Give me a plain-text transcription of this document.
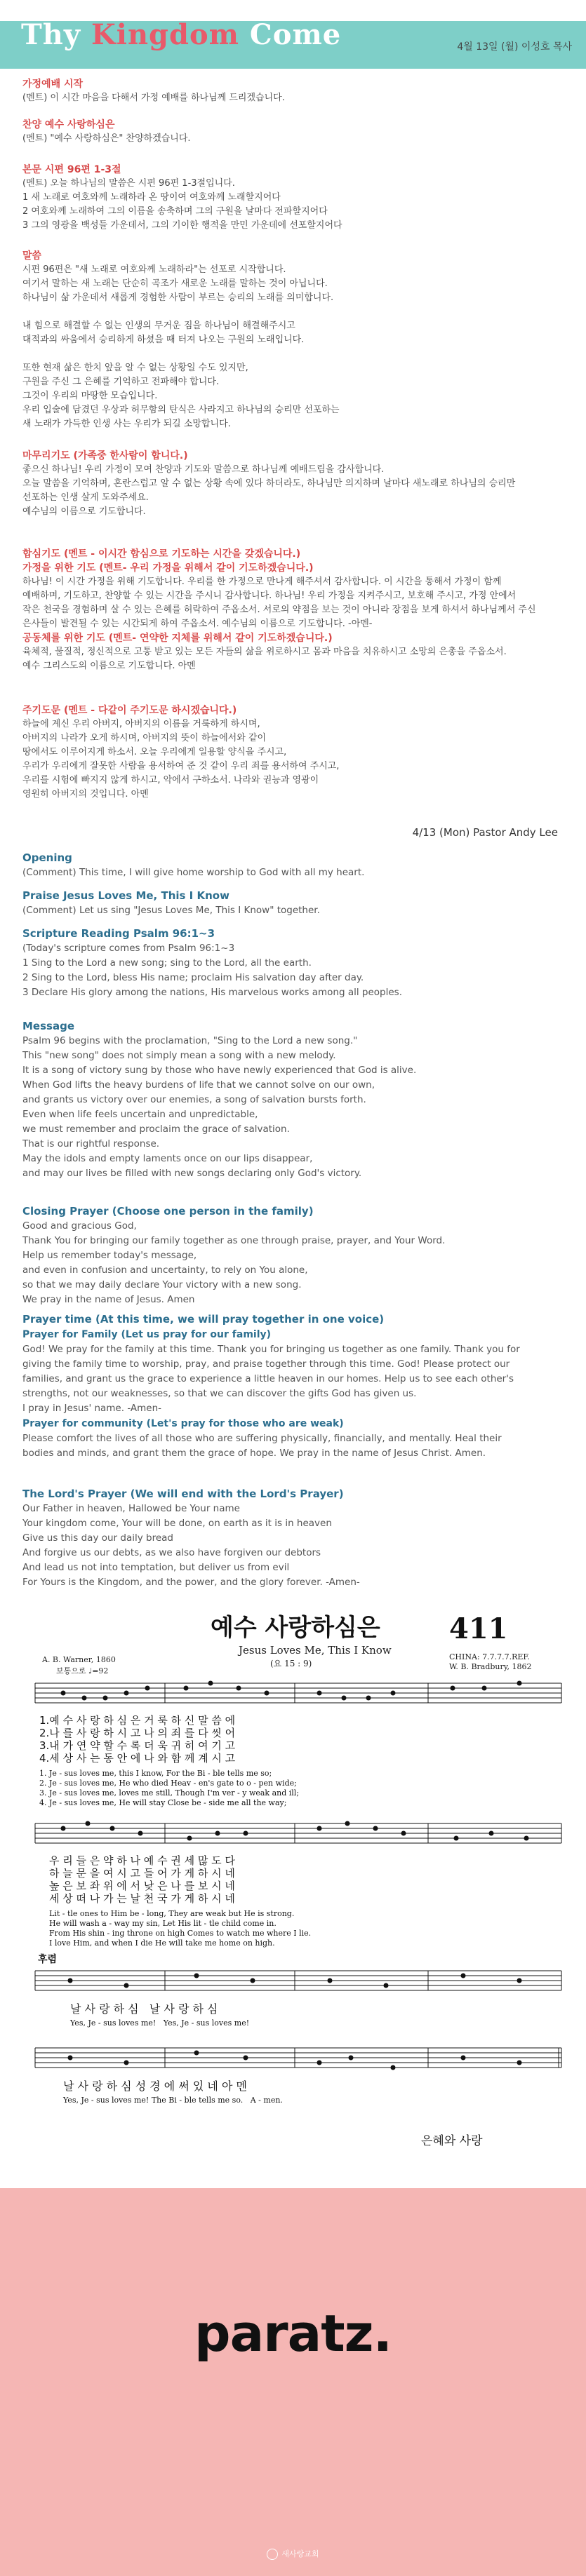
Thy Kingdom Come	4월 13일 (월) 이성호 목사
가정예배 시작
(멘트) 이 시간 마음을 다해서 가정 예배를 하나님께 드리겠습니다.
찬양 예수 사랑하심은
(멘트) "예수 사랑하심은" 찬양하겠습니다.
본문 시편 96편 1-3절
(멘트) 오늘 하나님의 말씀은 시편 96편 1-3절입니다.
1 새 노래로 여호와께 노래하라 온 땅이여 여호와께 노래할지어다
2 여호와께 노래하여 그의 이름을 송축하며 그의 구원을 날마다 전파할지어다
3 그의 영광을 백성들 가운데서, 그의 기이한 행적을 만민 가운데에 선포할지어다
말씀
시편 96편은 "새 노래로 여호와께 노래하라"는 선포로 시작합니다.
여기서 말하는 새 노래는 단순히 곡조가 새로운 노래를 말하는 것이 아닙니다.
하나님이 삶 가운데서 새롭게 경험한 사람이 부르는 승리의 노래를 의미합니다.

내 힘으로 해결할 수 없는 인생의 무거운 짐을 하나님이 해결해주시고
대적과의 싸움에서 승리하게 하셨을 때 터져 나오는 구원의 노래입니다.

또한 현재 삶은 한치 앞을 알 수 없는 상황일 수도 있지만,
구원을 주신 그 은혜를 기억하고 전파해야 합니다.
그것이 우리의 마땅한 모습입니다.
우리 입술에 담겼던 우상과 허무함의 탄식은 사라지고 하나님의 승리만 선포하는
새 노래가 가득한 인생 사는 우리가 되길 소망합니다.
마무리기도 (가족중 한사람이 합니다.)
좋으신 하나님! 우리 가정이 모여 찬양과 기도와 말씀으로 하나님께 예배드림을 감사합니다.
오늘 말씀을 기억하며, 혼란스럽고 알 수 없는 상황 속에 있다 하더라도, 하나님만 의지하며 날마다 새노래로 하나님의 승리만
선포하는 인생 살게 도와주세요.
예수님의 이름으로 기도합니다.
합심기도 (멘트 - 이시간 합심으로 기도하는 시간을 갖겠습니다.)
가정을 위한 기도 (멘트- 우리 가정을 위해서 같이 기도하겠습니다.)
하나님! 이 시간 가정을 위해 기도합니다. 우리를 한 가정으로 만나게 해주셔서 감사합니다. 이 시간을 통해서 가정이 함께
예배하며, 기도하고, 찬양할 수 있는 시간을 주시니 감사합니다. 하나님! 우리 가정을 지켜주시고, 보호해 주시고, 가정 안에서
작은 천국을 경험하며 살 수 있는 은혜를 허락하여 주옵소서. 서로의 약점을 보는 것이 아니라 장점을 보게 하셔서 하나님께서 주신
은사들이 발견될 수 있는 시간되게 하여 주옵소서. 예수님의 이름으로 기도합니다. -아멘-
공동체를 위한 기도 (멘트- 연약한 지체를 위해서 같이 기도하겠습니다.)
육체적, 물질적, 정신적으로 고통 받고 있는 모든 자들의 삶을 위로하시고 몸과 마음을 치유하시고 소망의 은총을 주옵소서.
예수 그리스도의 이름으로 기도합니다. 아멘
주기도문 (멘트 - 다같이 주기도문 하시겠습니다.)
하늘에 계신 우리 아버지, 아버지의 이름을 거룩하게 하시며,
아버지의 나라가 오게 하시며, 아버지의 뜻이 하늘에서와 같이
땅에서도 이루어지게 하소서. 오늘 우리에게 일용할 양식을 주시고,
우리가 우리에게 잘못한 사람을 용서하여 준 것 같이 우리 죄를 용서하여 주시고,
우리를 시험에 빠지지 않게 하시고, 악에서 구하소서. 나라와 권능과 영광이
영원히 아버지의 것입니다. 아멘
4/13 (Mon) Pastor Andy Lee
Opening
(Comment) This time, I will give home worship to God with all my heart.
Praise Jesus Loves Me, This I Know
(Comment) Let us sing "Jesus Loves Me, This I Know" together.
Scripture Reading Psalm 96:1~3
(Today's scripture comes from Psalm 96:1~3
1 Sing to the Lord a new song; sing to the Lord, all the earth.
2 Sing to the Lord, bless His name; proclaim His salvation day after day.
3 Declare His glory among the nations, His marvelous works among all peoples.
Message
Psalm 96 begins with the proclamation, "Sing to the Lord a new song."
This "new song" does not simply mean a song with a new melody.
It is a song of victory sung by those who have newly experienced that God is alive.
When God lifts the heavy burdens of life that we cannot solve on our own,
and grants us victory over our enemies, a song of salvation bursts forth.
Even when life feels uncertain and unpredictable,
we must remember and proclaim the grace of salvation.
That is our rightful response.
May the idols and empty laments once on our lips disappear,
and may our lives be filled with new songs declaring only God's victory.
Closing Prayer (Choose one person in the family)
Good and gracious God,
Thank You for bringing our family together as one through praise, prayer, and Your Word.
Help us remember today's message,
and even in confusion and uncertainty, to rely on You alone,
so that we may daily declare Your victory with a new song.
We pray in the name of Jesus. Amen
Prayer time (At this time, we will pray together in one voice)
Prayer for Family (Let us pray for our family)
God! We pray for the family at this time. Thank you for bringing us together as one family. Thank you for
giving the family time to worship, pray, and praise together through this time. God! Please protect our
families, and grant us the grace to experience a little heaven in our homes. Help us to see each other's
strengths, not our weaknesses, so that we can discover the gifts God has given us.
I pray in Jesus' name. -Amen-
Prayer for community (Let's pray for those who are weak)
Please comfort the lives of all those who are suffering physically, financially, and mentally. Heal their
bodies and minds, and grant them the grace of hope. We pray in the name of Jesus Christ. Amen.
The Lord's Prayer (We will end with the Lord's Prayer)
Our Father in heaven, Hallowed be Your name
Your kingdom come, Your will be done, on earth as it is in heaven
Give us this day our daily bread
And forgive us our debts, as we also have forgiven our debtors
And lead us not into temptation, but deliver us from evil
For Yours is the Kingdom, and the power, and the glory forever. -Amen-
예수 사랑하심은 411
Jesus Loves Me, This I Know
(요 15 : 9)
A. B. Warner, 1860
보통으로 ♩=92
CHINA: 7.7.7.7.REF.
W. B. Bradbury, 1862
1.예 수 사 랑 하 심 은 거 룩 하 신 말 씀 에
2.나 를 사 랑 하 시 고 나 의 죄 를 다 씻 어
3.내 가 연 약 할 수 록 더 욱 귀 히 여 기 고
4.세 상 사 는 동 안 에 나 와 함 께 계 시 고
1. Je - sus loves me, this I know, For the Bi - ble tells me so;
2. Je - sus loves me, He who died Heav - en's gate to o - pen wide;
3. Je - sus loves me, loves me still, Though I'm ver - y weak and ill;
4. Je - sus loves me, He will stay Close be - side me all the way;
우 리 들 은 약 하 나 예 수 권 세 많 도 다
하 늘 문 을 여 시 고 들 어 가 게 하 시 네
높 은 보 좌 위 에 서 낮 은 나 를 보 시 네
세 상 떠 나 가 는 날 천 국 가 게 하 시 네
Lit - tle ones to Him be - long, They are weak but He is strong.
He will wash a - way my sin, Let His lit - tle child come in.
From His shin - ing throne on high Comes to watch me where I lie.
I love Him, and when I die He will take me home on high.
후렴
날 사 랑 하 심   날 사 랑 하 심
Yes, Je - sus loves me!   Yes, Je - sus loves me!
날 사 랑 하 심 성 경 에 써 있 네 아 멘
Yes, Je - sus loves me! The Bi - ble tells me so.   A - men.
은혜와 사랑
paratz.
새사랑교회
